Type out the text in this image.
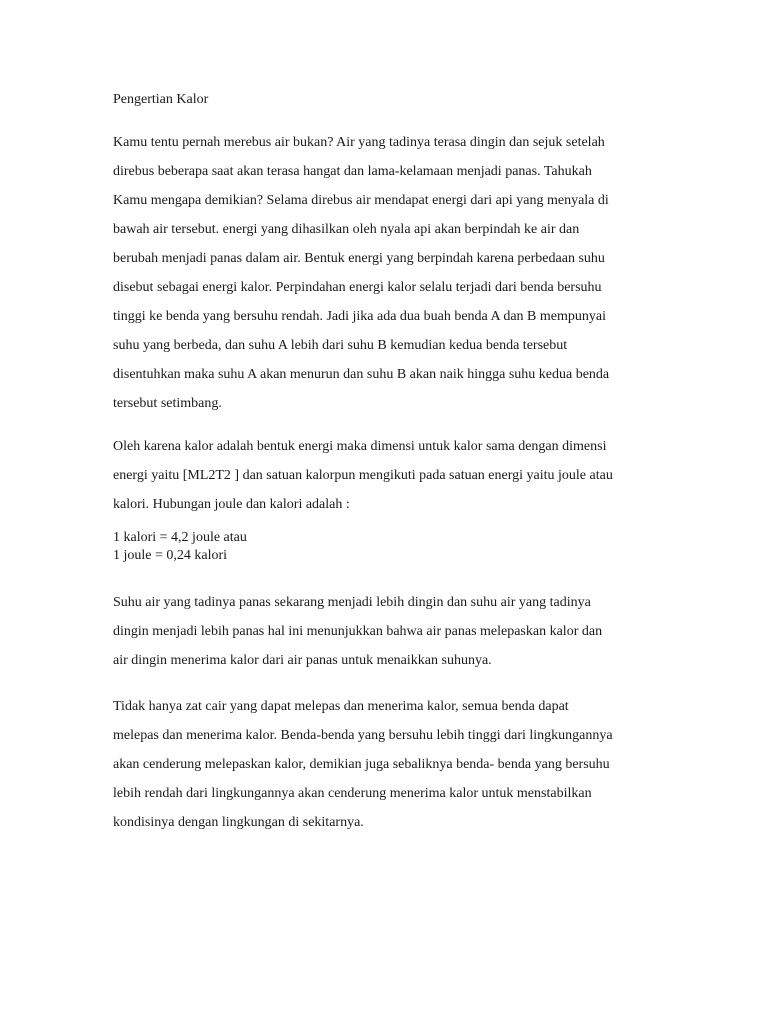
Pengertian Kalor
Kamu tentu pernah merebus air bukan? Air yang tadinya terasa dingin dan sejuk setelah
direbus beberapa saat akan terasa hangat dan lama-kelamaan menjadi panas. Tahukah
Kamu mengapa demikian? Selama direbus air mendapat energi dari api yang menyala di
bawah air tersebut. energi yang dihasilkan oleh nyala api akan berpindah ke air dan
berubah menjadi panas dalam air. Bentuk energi yang berpindah karena perbedaan suhu
disebut sebagai energi kalor. Perpindahan energi kalor selalu terjadi dari benda bersuhu
tinggi ke benda yang bersuhu rendah. Jadi jika ada dua buah benda A dan B mempunyai
suhu yang berbeda, dan suhu A lebih dari suhu B kemudian kedua benda tersebut
disentuhkan maka suhu A akan menurun dan suhu B akan naik hingga suhu kedua benda
tersebut setimbang.
Oleh karena kalor adalah bentuk energi maka dimensi untuk kalor sama dengan dimensi
energi yaitu [ML2T2 ] dan satuan kalorpun mengikuti pada satuan energi yaitu joule atau
kalori. Hubungan joule dan kalori adalah :
1 kalori = 4,2 joule atau
1 joule = 0,24 kalori
Suhu air yang tadinya panas sekarang menjadi lebih dingin dan suhu air yang tadinya
dingin menjadi lebih panas hal ini menunjukkan bahwa air panas melepaskan kalor dan
air dingin menerima kalor dari air panas untuk menaikkan suhunya.
Tidak hanya zat cair yang dapat melepas dan menerima kalor, semua benda dapat
melepas dan menerima kalor. Benda-benda yang bersuhu lebih tinggi dari lingkungannya
akan cenderung melepaskan kalor, demikian juga sebaliknya benda- benda yang bersuhu
lebih rendah dari lingkungannya akan cenderung menerima kalor untuk menstabilkan
kondisinya dengan lingkungan di sekitarnya.
